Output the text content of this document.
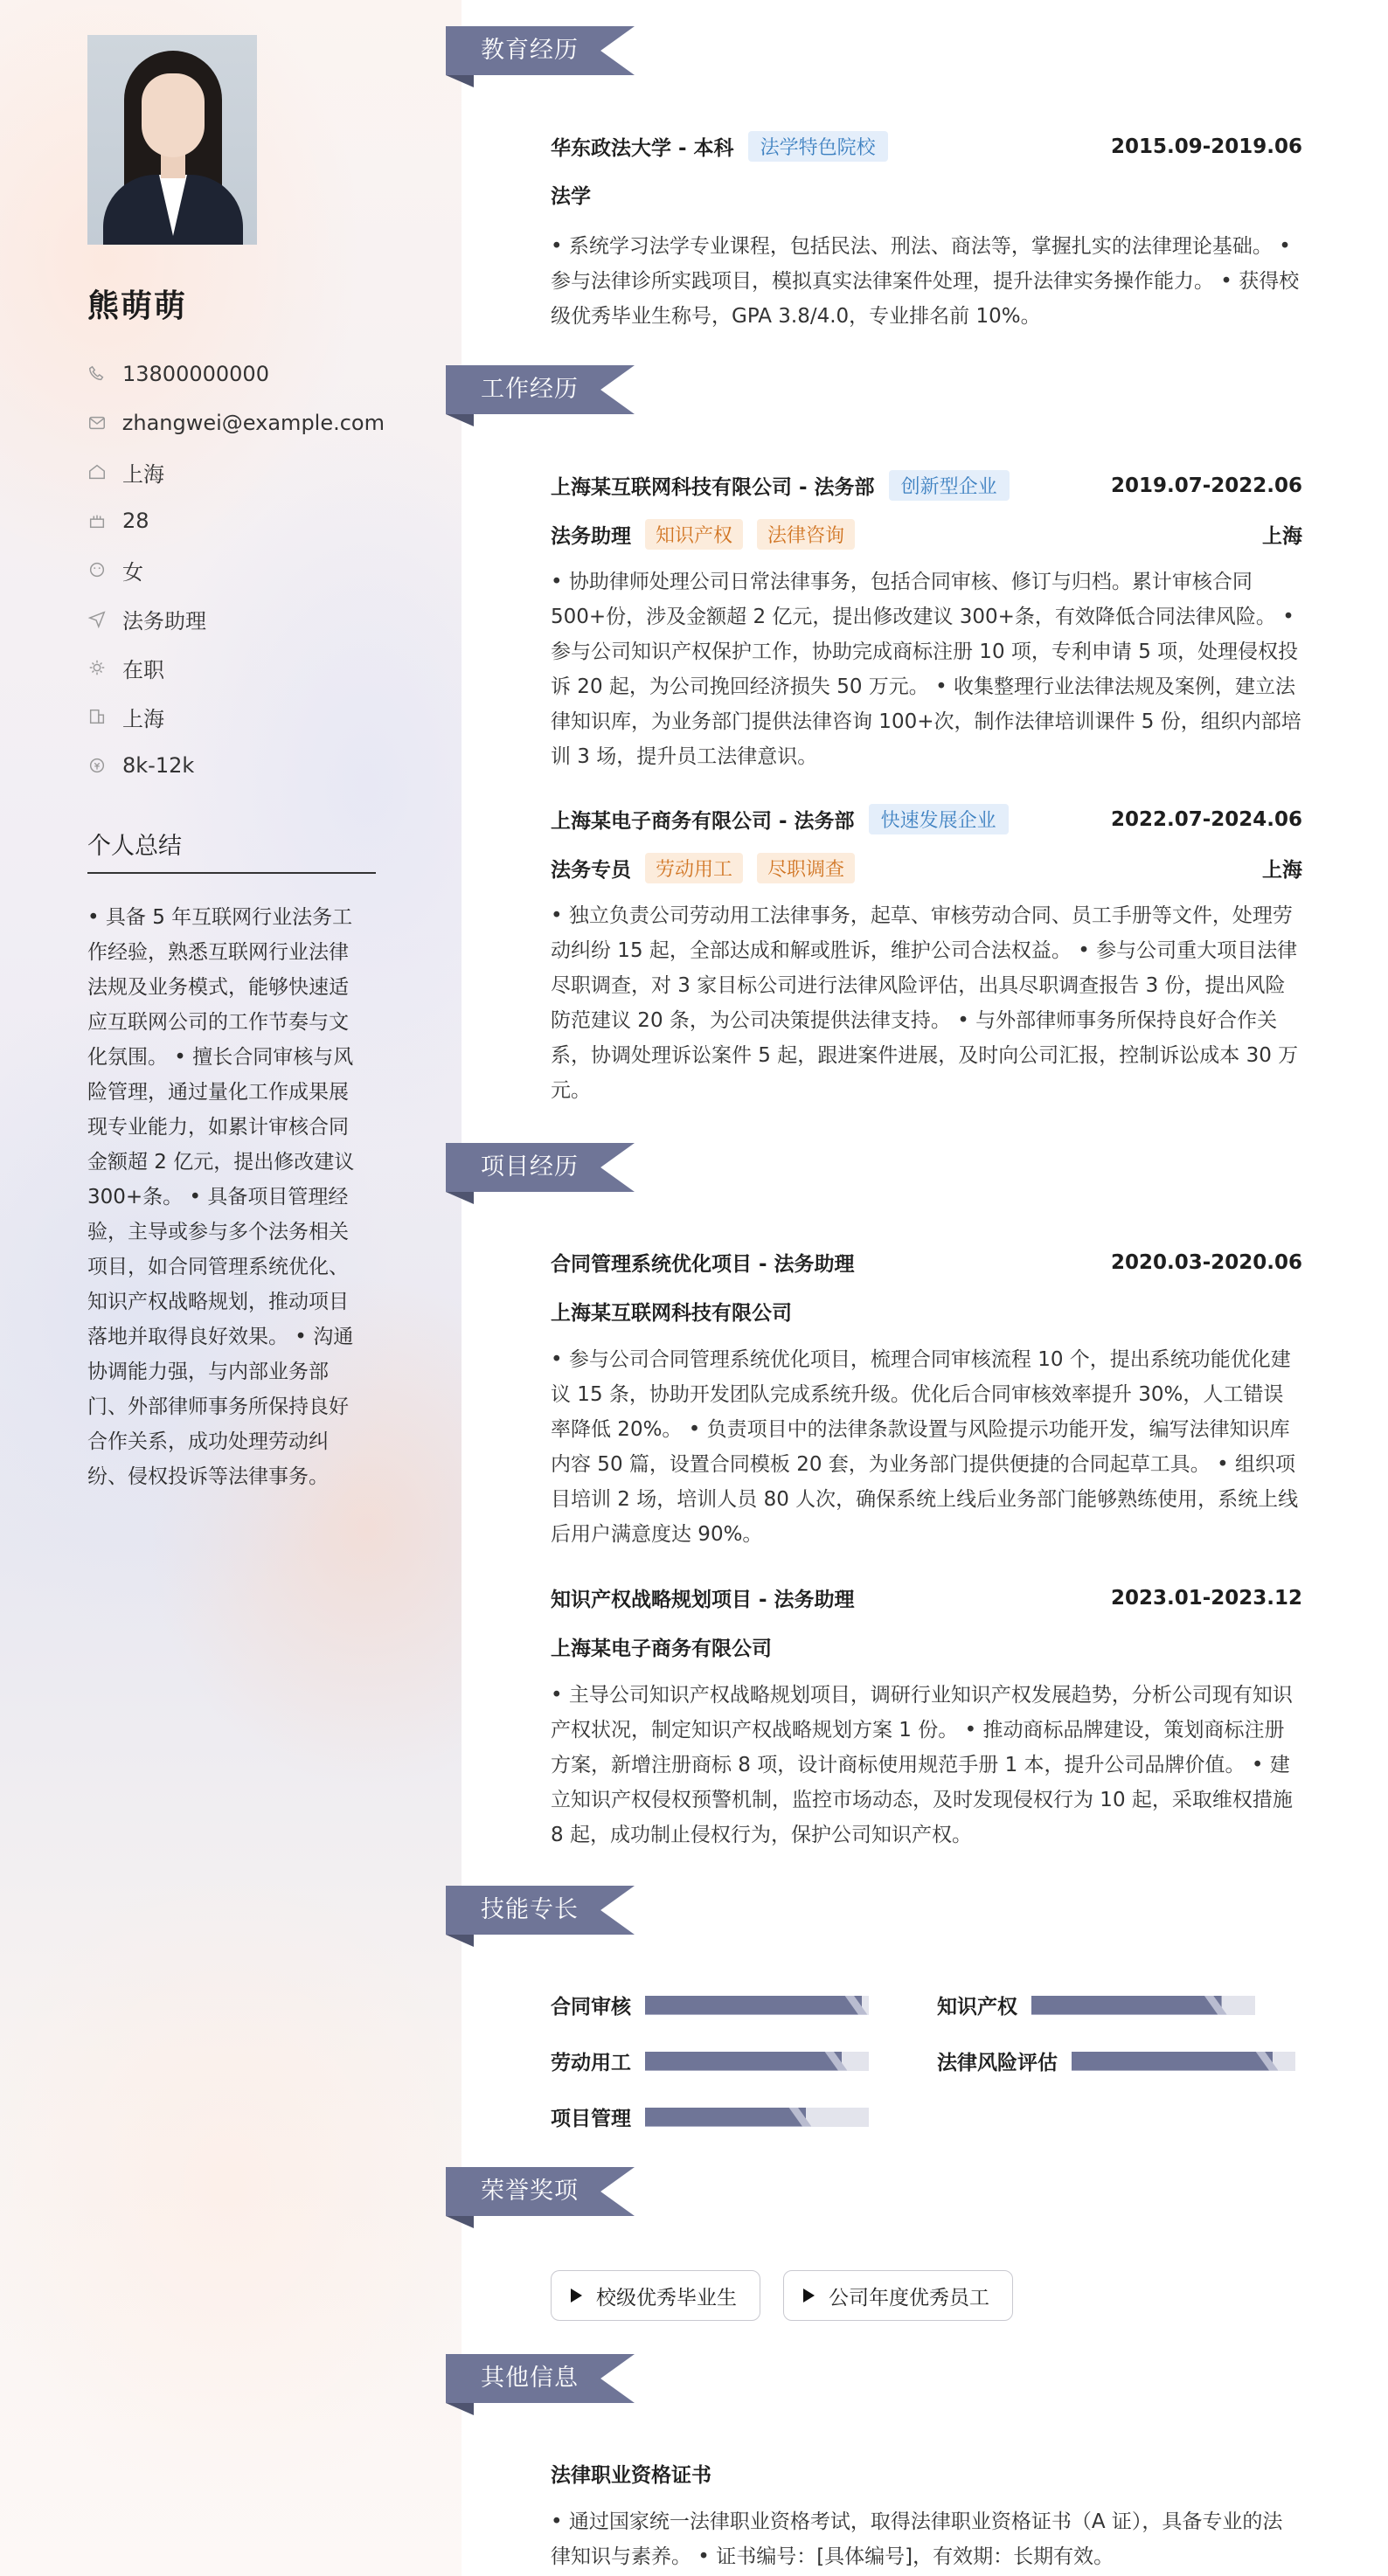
熊萌萌
13800000000
zhangwei@example.com
上海
28
女
法务助理
在职
上海
8k-12k
个人总结
• 具备 5 年互联网行业法务工作经验，熟悉互联网行业法律法规及业务模式，能够快速适应互联网公司的工作节奏与文化氛围。 • 擅长合同审核与风险管理，通过量化工作成果展现专业能力，如累计审核合同金额超 2 亿元，提出修改建议 300+条。 • 具备项目管理经验，主导或参与多个法务相关项目，如合同管理系统优化、知识产权战略规划，推动项目落地并取得良好效果。 • 沟通协调能力强，与内部业务部门、外部律师事务所保持良好合作关系，成功处理劳动纠纷、侵权投诉等法律事务。
教育经历
华东政法大学 - 本科	法学特色院校	2015.09-2019.06
法学
• 系统学习法学专业课程，包括民法、刑法、商法等，掌握扎实的法律理论基础。 • 参与法律诊所实践项目，模拟真实法律案件处理，提升法律实务操作能力。 • 获得校级优秀毕业生称号，GPA 3.8/4.0，专业排名前 10%。
工作经历
上海某互联网科技有限公司 - 法务部	创新型企业	2019.07-2022.06
法务助理	知识产权	法律咨询	上海
• 协助律师处理公司日常法律事务，包括合同审核、修订与归档。累计审核合同 500+份，涉及金额超 2 亿元，提出修改建议 300+条，有效降低合同法律风险。 • 参与公司知识产权保护工作，协助完成商标注册 10 项，专利申请 5 项，处理侵权投诉 20 起，为公司挽回经济损失 50 万元。 • 收集整理行业法律法规及案例，建立法律知识库，为业务部门提供法律咨询 100+次，制作法律培训课件 5 份，组织内部培训 3 场，提升员工法律意识。
上海某电子商务有限公司 - 法务部	快速发展企业	2022.07-2024.06
法务专员	劳动用工	尽职调查	上海
• 独立负责公司劳动用工法律事务，起草、审核劳动合同、员工手册等文件，处理劳动纠纷 15 起，全部达成和解或胜诉，维护公司合法权益。 • 参与公司重大项目法律尽职调查，对 3 家目标公司进行法律风险评估，出具尽职调查报告 3 份，提出风险防范建议 20 条，为公司决策提供法律支持。 • 与外部律师事务所保持良好合作关系，协调处理诉讼案件 5 起，跟进案件进展，及时向公司汇报，控制诉讼成本 30 万元。
项目经历
合同管理系统优化项目 - 法务助理	2020.03-2020.06
上海某互联网科技有限公司
• 参与公司合同管理系统优化项目，梳理合同审核流程 10 个，提出系统功能优化建议 15 条，协助开发团队完成系统升级。优化后合同审核效率提升 30%，人工错误率降低 20%。 • 负责项目中的法律条款设置与风险提示功能开发，编写法律知识库内容 50 篇，设置合同模板 20 套，为业务部门提供便捷的合同起草工具。 • 组织项目培训 2 场，培训人员 80 人次，确保系统上线后业务部门能够熟练使用，系统上线后用户满意度达 90%。
知识产权战略规划项目 - 法务助理	2023.01-2023.12
上海某电子商务有限公司
• 主导公司知识产权战略规划项目，调研行业知识产权发展趋势，分析公司现有知识产权状况，制定知识产权战略规划方案 1 份。 • 推动商标品牌建设，策划商标注册方案，新增注册商标 8 项，设计商标使用规范手册 1 本，提升公司品牌价值。 • 建立知识产权侵权预警机制，监控市场动态，及时发现侵权行为 10 起，采取维权措施 8 起，成功制止侵权行为，保护公司知识产权。
技能专长
合同审核	知识产权
劳动用工	法律风险评估
项目管理
荣誉奖项
校级优秀毕业生	公司年度优秀员工
其他信息
法律职业资格证书
• 通过国家统一法律职业资格考试，取得法律职业资格证书（A 证），具备专业的法律知识与素养。 • 证书编号：[具体编号]，有效期：长期有效。
